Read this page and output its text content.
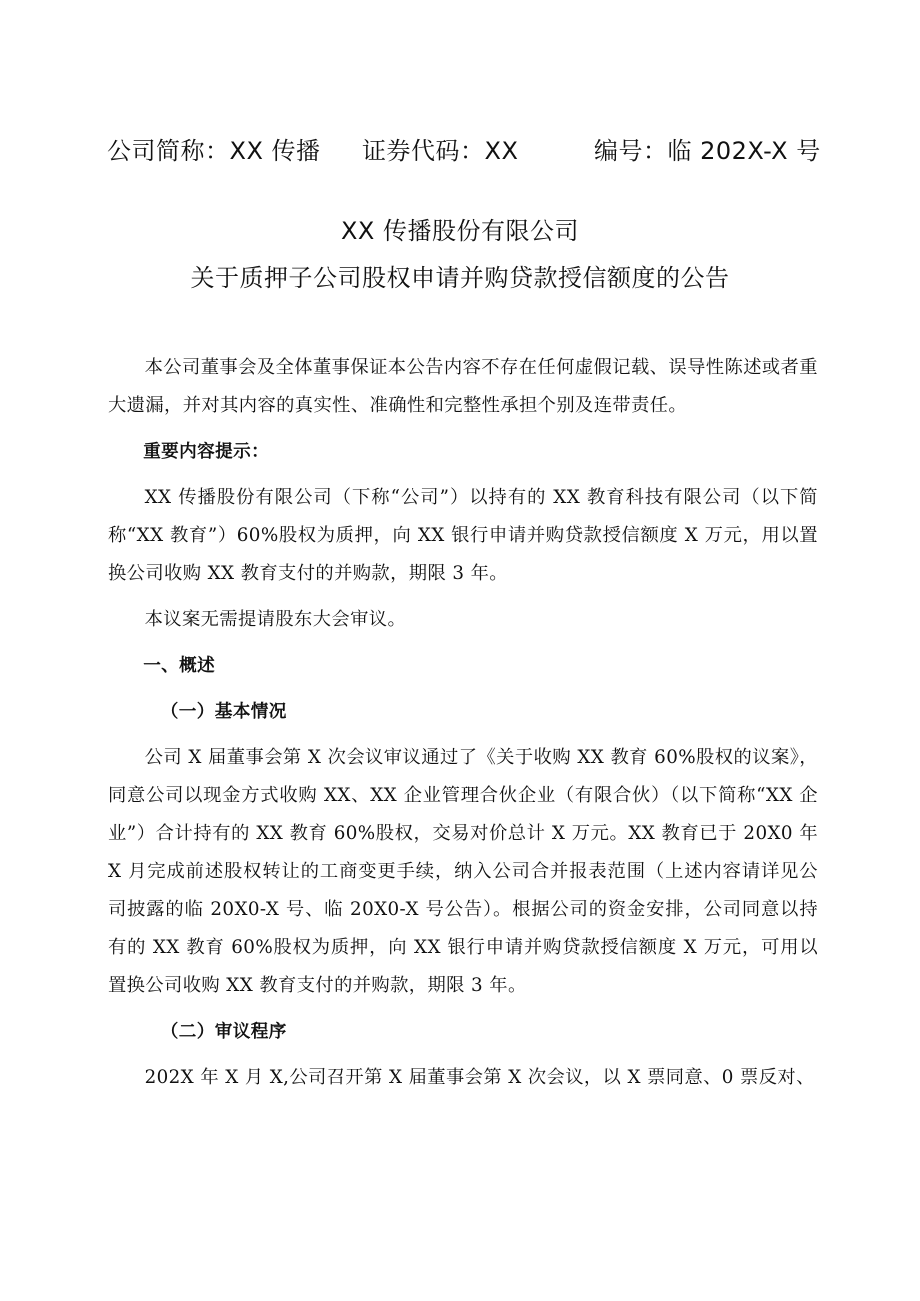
公司简称：XX 传播 证券代码：XX	编号：临 202X-X 号
XX 传播股份有限公司
关于质押子公司股权申请并购贷款授信额度的公告

本公司董事会及全体董事保证本公告内容不存在任何虚假记载、误导性陈述或者重大遗漏，并对其内容的真实性、准确性和完整性承担个别及连带责任。

重要内容提示：

XX 传播股份有限公司（下称“公司”）以持有的 XX 教育科技有限公司（以下简称“XX 教育”）60%股权为质押，向 XX 银行申请并购贷款授信额度 X 万元，用以置换公司收购 XX 教育支付的并购款，期限 3 年。

本议案无需提请股东大会审议。

一、概述

（一）基本情况

公司 X 届董事会第 X 次会议审议通过了《关于收购 XX 教育 60%股权的议案》，同意公司以现金方式收购 XX、XX 企业管理合伙企业（有限合伙）（以下简称“XX 企业”）合计持有的 XX 教育 60%股权，交易对价总计 X 万元。XX 教育已于 20X0 年 X 月完成前述股权转让的工商变更手续，纳入公司合并报表范围（上述内容请详见公司披露的临 20X0-X 号、临 20X0-X 号公告）。根据公司的资金安排，公司同意以持有的 XX 教育 60%股权为质押，向 XX 银行申请并购贷款授信额度 X 万元，可用以置换公司收购 XX 教育支付的并购款，期限 3 年。

（二）审议程序

202X 年 X 月 X,公司召开第 X 届董事会第 X 次会议，以 X 票同意、0 票反对、
